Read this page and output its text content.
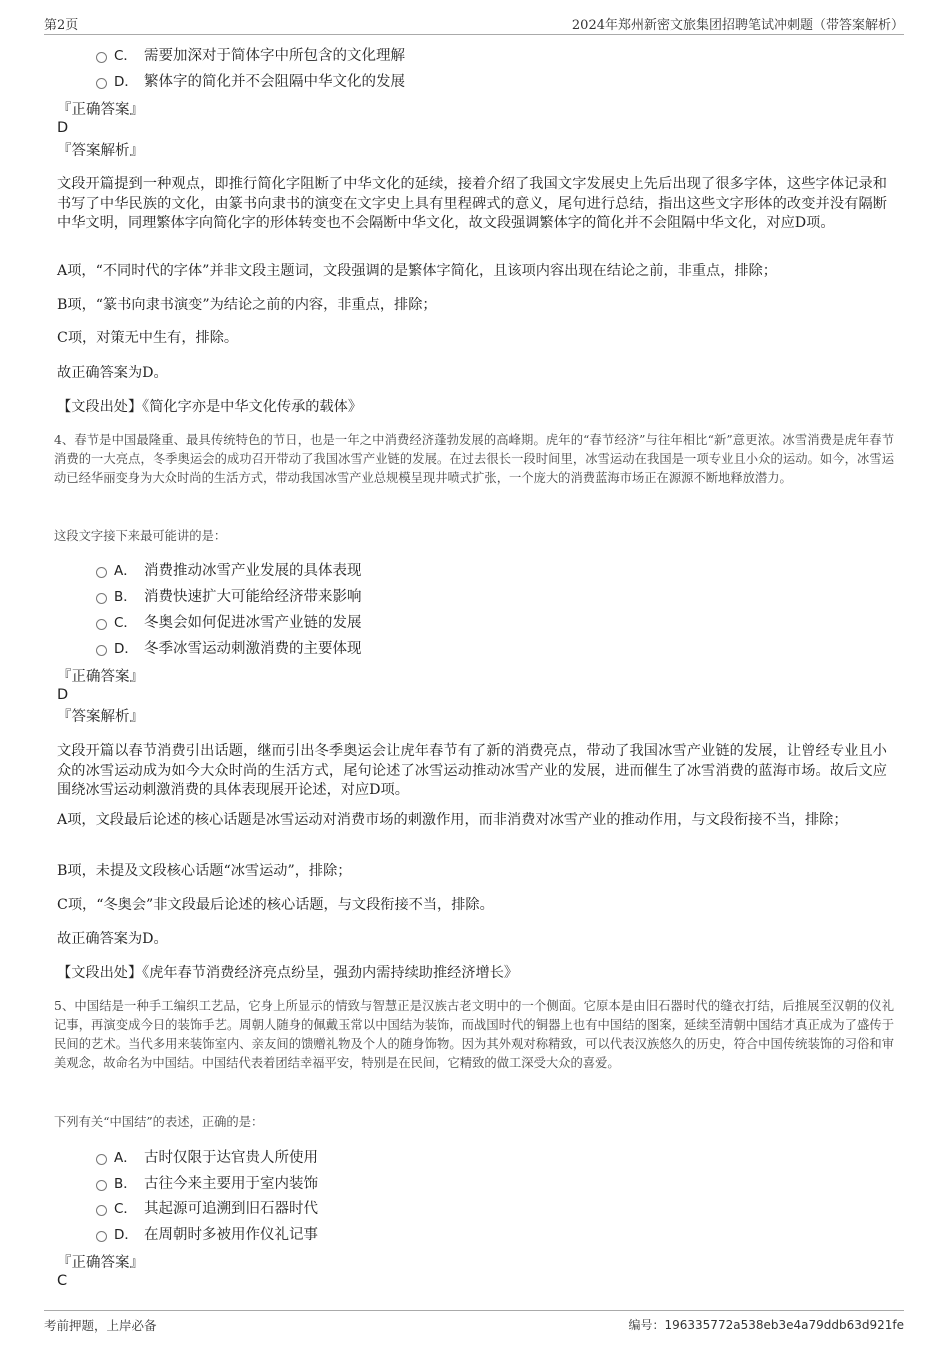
第2页	2024年郑州新密文旅集团招聘笔试冲刺题（带答案解析）
C． 需要加深对于简体字中所包含的文化理解
D． 繁体字的简化并不会阻隔中华文化的发展
『正确答案』
D
『答案解析』
文段开篇提到一种观点，即推行简化字阻断了中华文化的延续，接着介绍了我国文字发展史上先后出现了很多字体，这些字体记录和书写了中华民族的文化，由篆书向隶书的演变在文字史上具有里程碑式的意义，尾句进行总结，指出这些文字形体的改变并没有隔断中华文明，同理繁体字向简化字的形体转变也不会隔断中华文化，故文段强调繁体字的简化并不会阻隔中华文化，对应D项。
A项，“不同时代的字体”并非文段主题词，文段强调的是繁体字简化，且该项内容出现在结论之前，非重点，排除；
B项，“篆书向隶书演变”为结论之前的内容，非重点，排除；
C项，对策无中生有，排除。
故正确答案为D。
【文段出处】《简化字亦是中华文化传承的载体》
4、春节是中国最隆重、最具传统特色的节日，也是一年之中消费经济蓬勃发展的高峰期。虎年的“春节经济”与往年相比“新”意更浓。冰雪消费是虎年春节消费的一大亮点，冬季奥运会的成功召开带动了我国冰雪产业链的发展。在过去很长一段时间里，冰雪运动在我国是一项专业且小众的运动。如今，冰雪运动已经华丽变身为大众时尚的生活方式，带动我国冰雪产业总规模呈现井喷式扩张，一个庞大的消费蓝海市场正在源源不断地释放潜力。
这段文字接下来最可能讲的是：
A． 消费推动冰雪产业发展的具体表现
B． 消费快速扩大可能给经济带来影响
C． 冬奥会如何促进冰雪产业链的发展
D． 冬季冰雪运动刺激消费的主要体现
『正确答案』
D
『答案解析』
文段开篇以春节消费引出话题，继而引出冬季奥运会让虎年春节有了新的消费亮点，带动了我国冰雪产业链的发展，让曾经专业且小众的冰雪运动成为如今大众时尚的生活方式，尾句论述了冰雪运动推动冰雪产业的发展，进而催生了冰雪消费的蓝海市场。故后文应围绕冰雪运动刺激消费的具体表现展开论述，对应D项。
A项，文段最后论述的核心话题是冰雪运动对消费市场的刺激作用，而非消费对冰雪产业的推动作用，与文段衔接不当，排除；
B项，未提及文段核心话题“冰雪运动”，排除；
C项，“冬奥会”非文段最后论述的核心话题，与文段衔接不当，排除。
故正确答案为D。
【文段出处】《虎年春节消费经济亮点纷呈，强劲内需持续助推经济增长》
5、中国结是一种手工编织工艺品，它身上所显示的情致与智慧正是汉族古老文明中的一个侧面。它原本是由旧石器时代的缝衣打结，后推展至汉朝的仪礼记事，再演变成今日的装饰手艺。周朝人随身的佩戴玉常以中国结为装饰，而战国时代的铜器上也有中国结的图案，延续至清朝中国结才真正成为了盛传于民间的艺术。当代多用来装饰室内、亲友间的馈赠礼物及个人的随身饰物。因为其外观对称精致，可以代表汉族悠久的历史，符合中国传统装饰的习俗和审美观念，故命名为中国结。中国结代表着团结幸福平安，特别是在民间，它精致的做工深受大众的喜爱。
下列有关“中国结”的表述，正确的是：
A． 古时仅限于达官贵人所使用
B． 古往今来主要用于室内装饰
C． 其起源可追溯到旧石器时代
D． 在周朝时多被用作仪礼记事
『正确答案』
C
考前押题，上岸必备	编号：196335772a538eb3e4a79ddb63d921fe
